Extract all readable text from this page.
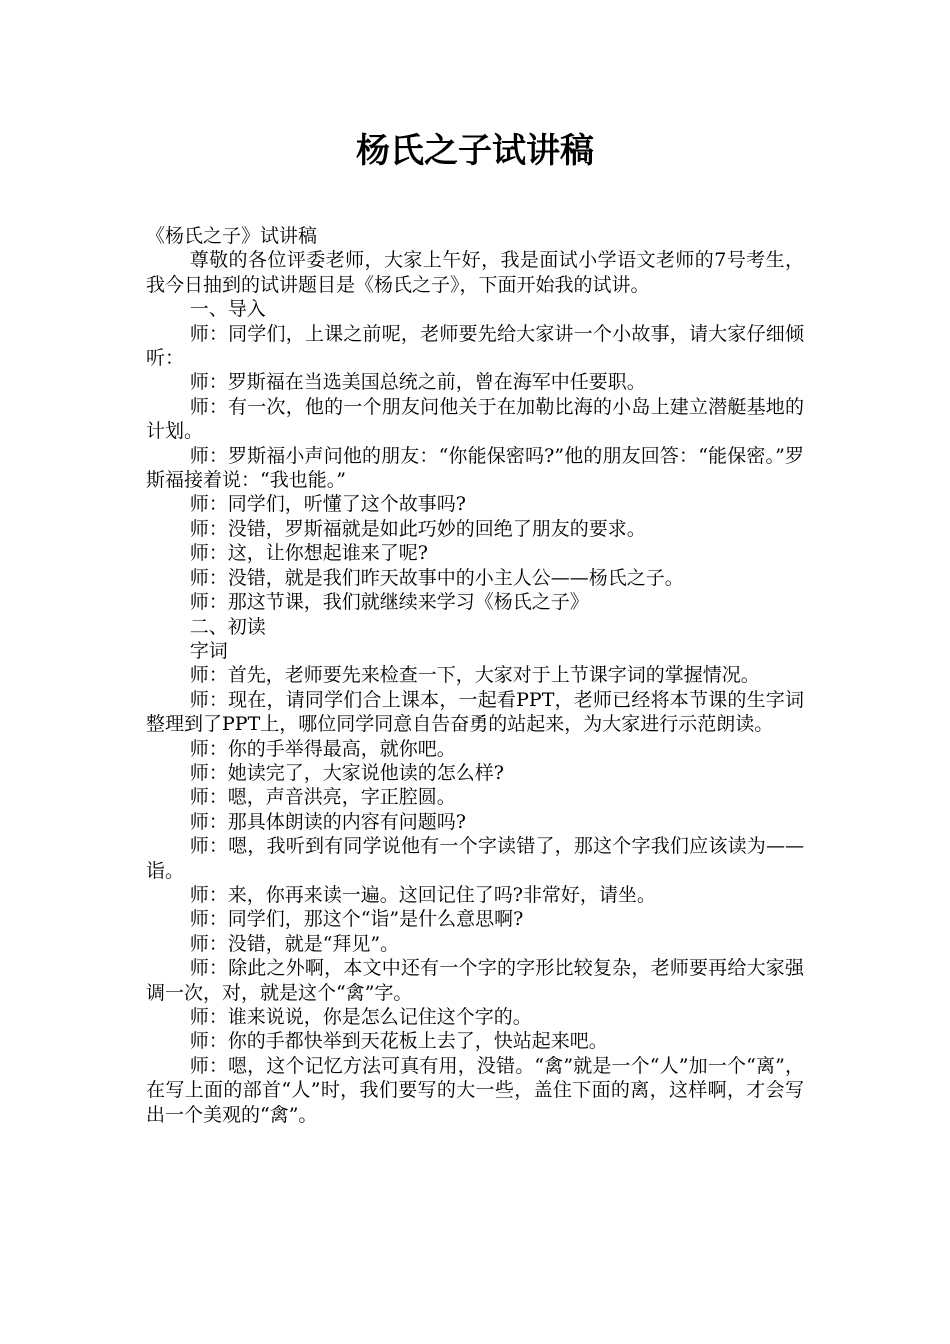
杨氏之子试讲稿

《杨氏之子》试讲稿

尊敬的各位评委老师，大家上午好，我是面试小学语文老师的7号考生，我今日抽到的试讲题目是《杨氏之子》，下面开始我的试讲。

一、导入

师：同学们，上课之前呢，老师要先给大家讲一个小故事，请大家仔细倾听：

师：罗斯福在当选美国总统之前，曾在海军中任要职。

师：有一次，他的一个朋友问他关于在加勒比海的小岛上建立潜艇基地的计划。

师：罗斯福小声问他的朋友：“你能保密吗?”他的朋友回答：“能保密。”罗斯福接着说：“我也能。”

师：同学们，听懂了这个故事吗?

师：没错，罗斯福就是如此巧妙的回绝了朋友的要求。

师：这，让你想起谁来了呢?

师：没错，就是我们昨天故事中的小主人公——杨氏之子。

师：那这节课，我们就继续来学习《杨氏之子》

二、初读

字词

师：首先，老师要先来检查一下，大家对于上节课字词的掌握情况。

师：现在，请同学们合上课本，一起看PPT，老师已经将本节课的生字词整理到了PPT上，哪位同学同意自告奋勇的站起来，为大家进行示范朗读。

师：你的手举得最高，就你吧。

师：她读完了，大家说他读的怎么样?

师：嗯，声音洪亮，字正腔圆。

师：那具体朗读的内容有问题吗?

师：嗯，我听到有同学说他有一个字读错了，那这个字我们应该读为——诣。

师：来，你再来读一遍。这回记住了吗?非常好，请坐。

师：同学们，那这个“诣”是什么意思啊?

师：没错，就是“拜见”。

师：除此之外啊，本文中还有一个字的字形比较复杂，老师要再给大家强调一次，对，就是这个“禽”字。

师：谁来说说，你是怎么记住这个字的。

师：你的手都快举到天花板上去了，快站起来吧。

师：嗯，这个记忆方法可真有用，没错。“禽”就是一个“人”加一个“离”，在写上面的部首“人”时，我们要写的大一些，盖住下面的离，这样啊，才会写出一个美观的“禽”。
